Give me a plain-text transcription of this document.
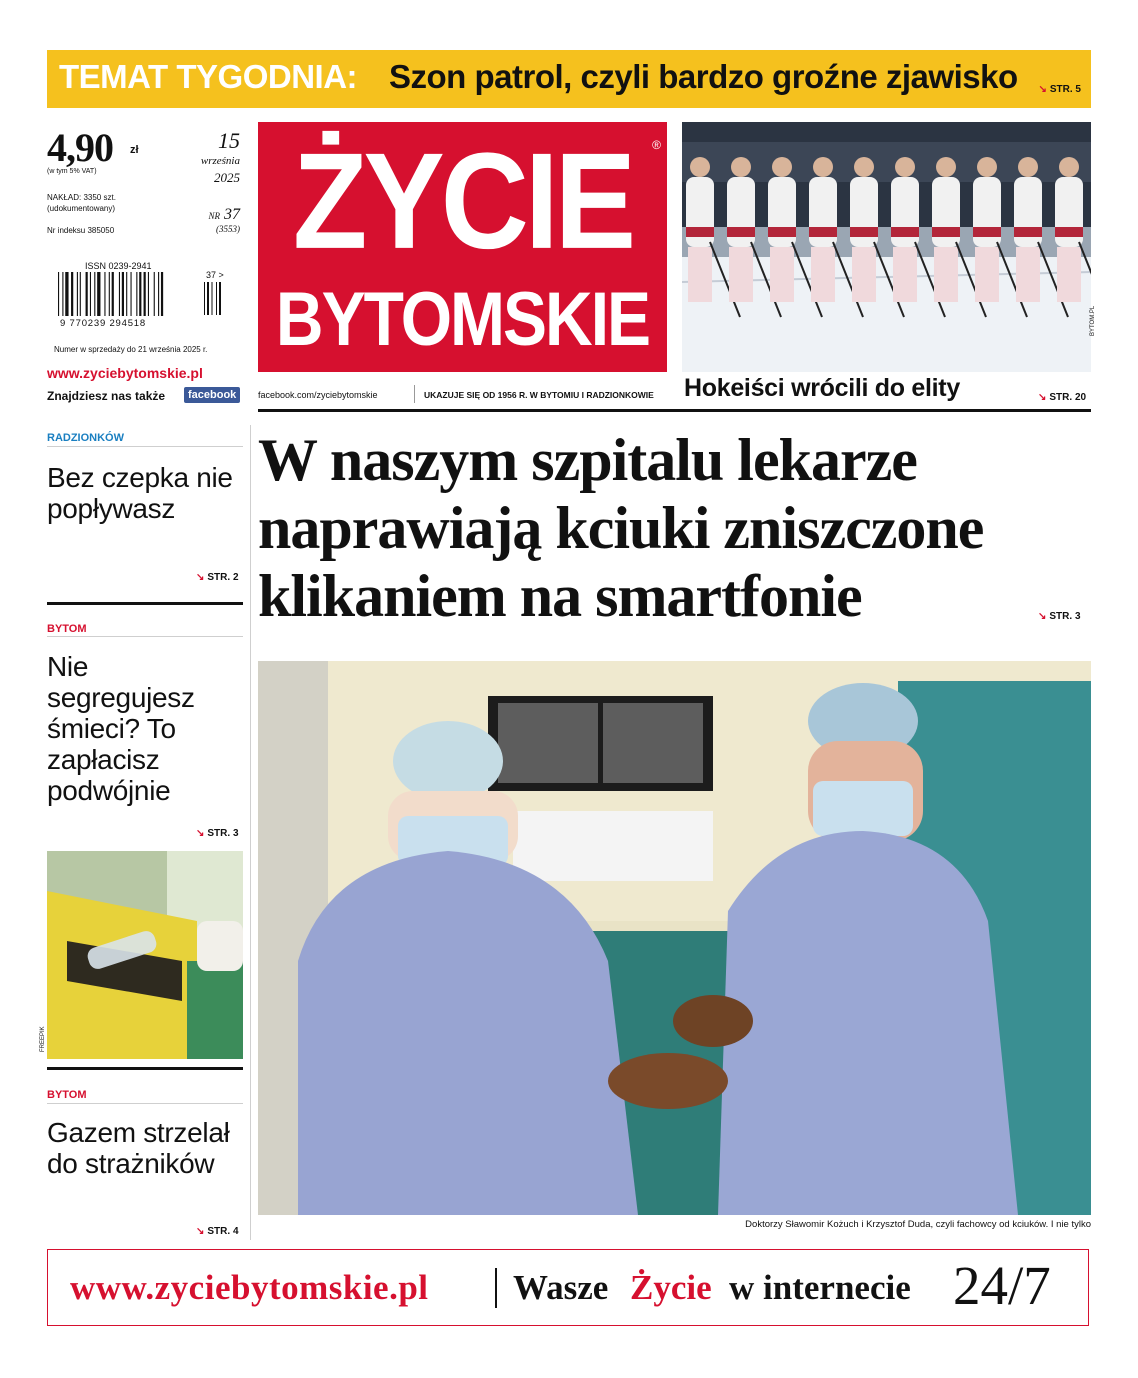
TEMAT TYGODNIA: Szon patrol, czyli bardzo groźne zjawisko ↘ STR. 5
4,90 zł
(w tym 5% VAT)
NAKŁAD: 3350 szt. (udokumentowany)
Nr indeksu 385050
15
września
2025
NR 37
(3553)
ISSN 0239-2941
9 770239 294518
37 >
Numer w sprzedaży do 21 września 2025 r.
www.zyciebytomskie.pl
Znajdziesz nas także	facebook
ŻYCIE
BYTOMSKIE
®
facebook.com/zyciebytomskie	UKAZUJE SIĘ OD 1956 R. W BYTOMIU I RADZIONKOWIE
BYTOM.PL
Hokeiści wrócili do elity	↘ STR. 20
RADZIONKÓW
Bez czepka nie popływasz
↘ STR. 2
BYTOM
Nie segregujesz śmieci? To zapłacisz podwójnie
↘ STR. 3
FREEPIK
BYTOM
Gazem strzelał do strażników
↘ STR. 4
W naszym szpitalu lekarze naprawiają kciuki zniszczone klikaniem na smartfonie	↘ STR. 3
Doktorzy Sławomir Kożuch i Krzysztof Duda, czyli fachowcy od kciuków. I nie tylko
www.zyciebytomskie.pl Wasze Życie w internecie 24/7
